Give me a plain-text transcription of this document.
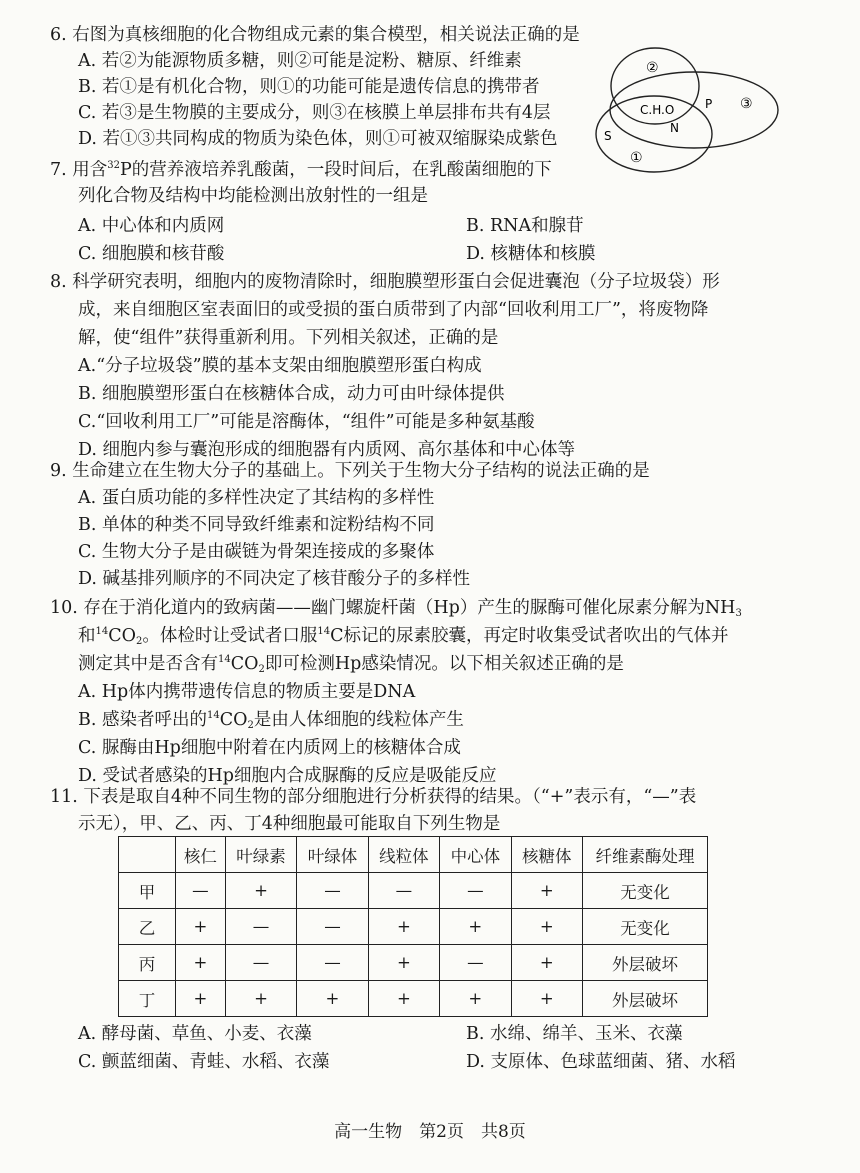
6. 右图为真核细胞的化合物组成元素的集合模型，相关说法正确的是
A. 若②为能源物质多糖，则②可能是淀粉、糖原、纤维素
B. 若①是有机化合物，则①的功能可能是遗传信息的携带者
C. 若③是生物膜的主要成分，则③在核膜上单层排布共有4层
D. 若①③共同构成的物质为染色体，则①可被双缩脲染成紫色
②
C.H.O
N
P ③
S
①
7. 用含$^{32}$P的营养液培养乳酸菌，一段时间后，在乳酸菌细胞的下
列化合物及结构中均能检测出放射性的一组是
A. 中心体和内质网	B. RNA和腺苷
C. 细胞膜和核苷酸	D. 核糖体和核膜
8. 科学研究表明，细胞内的废物清除时，细胞膜塑形蛋白会促进囊泡（分子垃圾袋）形
成，来自细胞区室表面旧的或受损的蛋白质带到了内部“回收利用工厂”，将废物降
解，使“组件”获得重新利用。下列相关叙述，正确的是
A.“分子垃圾袋”膜的基本支架由细胞膜塑形蛋白构成
B. 细胞膜塑形蛋白在核糖体合成，动力可由叶绿体提供
C.“回收利用工厂”可能是溶酶体，“组件”可能是多种氨基酸
D. 细胞内参与囊泡形成的细胞器有内质网、高尔基体和中心体等
9. 生命建立在生物大分子的基础上。下列关于生物大分子结构的说法正确的是
A. 蛋白质功能的多样性决定了其结构的多样性
B. 单体的种类不同导致纤维素和淀粉结构不同
C. 生物大分子是由碳链为骨架连接成的多聚体
D. 碱基排列顺序的不同决定了核苷酸分子的多样性
10. 存在于消化道内的致病菌——幽门螺旋杆菌（Hp）产生的脲酶可催化尿素分解为$NH_3$
和$^{14}CO_2$。体检时让受试者口服$^{14}$C标记的尿素胶囊，再定时收集受试者吹出的气体并
测定其中是否含有$^{14}CO_2$即可检测Hp感染情况。以下相关叙述正确的是
A. Hp体内携带遗传信息的物质主要是DNA
B. 感染者呼出的$^{14}CO_2$是由人体细胞的线粒体产生
C. 脲酶由Hp细胞中附着在内质网上的核糖体合成
D. 受试者感染的Hp细胞内合成脲酶的反应是吸能反应
11. 下表是取自4种不同生物的部分细胞进行分析获得的结果。（“+”表示有，“—”表
示无），甲、乙、丙、丁4种细胞最可能取自下列生物是
	核仁	叶绿素	叶绿体	线粒体	中心体	核糖体	纤维素酶处理
甲	—	+	—	—	—	+	无变化
乙	+	—	—	+	+	+	无变化
丙	+	—	—	+	—	+	外层破坏
丁	+	+	+	+	+	+	外层破坏
A. 酵母菌、草鱼、小麦、衣藻	B. 水绵、绵羊、玉米、衣藻
C. 颤蓝细菌、青蛙、水稻、衣藻	D. 支原体、色球蓝细菌、猪、水稻
高一生物　第2页　共8页
